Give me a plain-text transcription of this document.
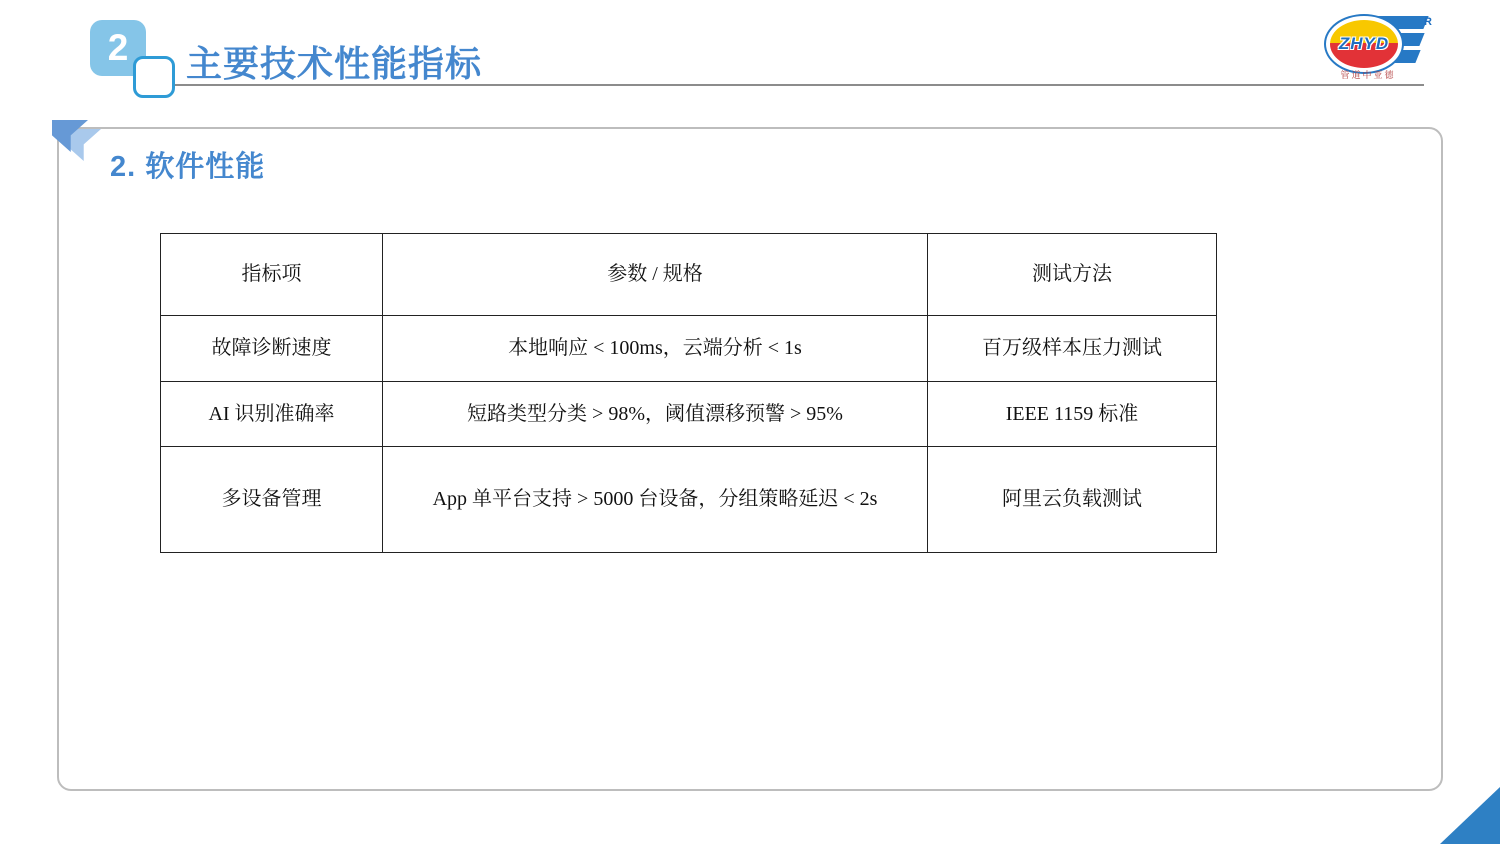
2	主要技术性能指标	ZHYD
R
管道中亚德
2. 软件性能
指标项	参数 / 规格	测试方法
故障诊断速度	本地响应 < 100ms，云端分析 < 1s	百万级样本压力测试
AI 识别准确率	短路类型分类 > 98%，阈值漂移预警 > 95%	IEEE 1159 标准
多设备管理	App 单平台支持 > 5000 台设备，分组策略延迟 < 2s	阿里云负载测试
